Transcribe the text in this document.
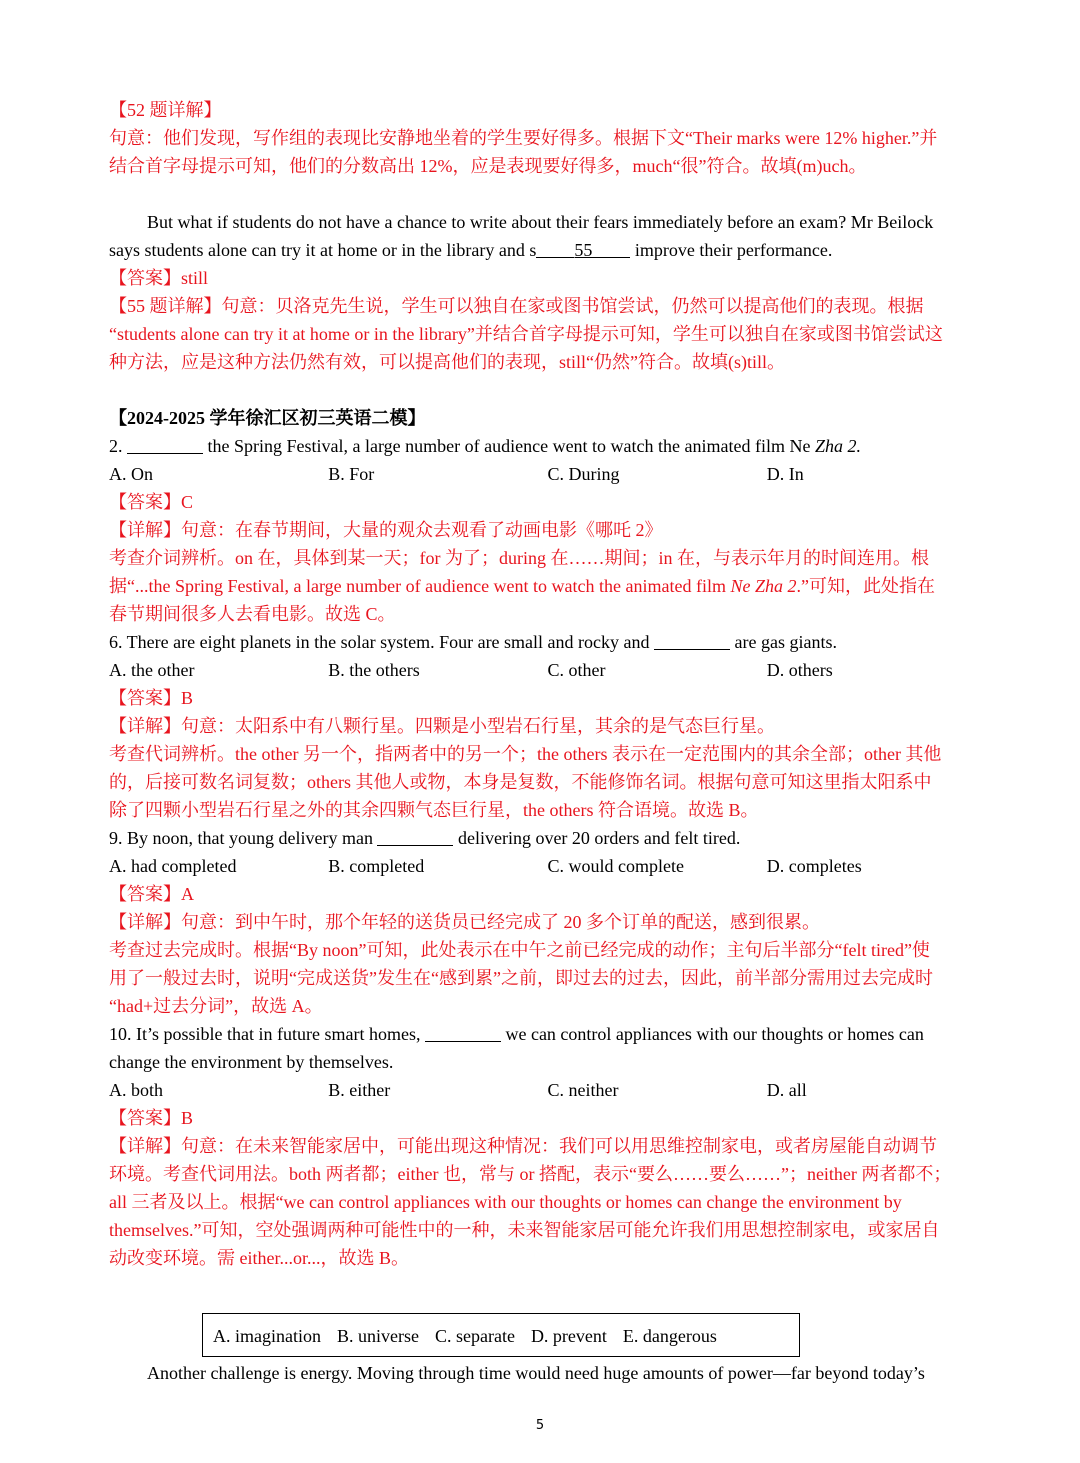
【52 题详解】

句意：他们发现，写作组的表现比安静地坐着的学生要好得多。根据下文“Their marks were 12% higher.”并

结合首字母提示可知，他们的分数高出 12%，应是表现要好得多，much“很”符合。故填(m)uch。

But what if students do not have a chance to write about their fears immediately before an exam? Mr Beilock

says students alone can try it at home or in the library and s 55 improve their performance.

【答案】still

【55 题详解】句意：贝洛克先生说，学生可以独自在家或图书馆尝试，仍然可以提高他们的表现。根据

“students alone can try it at home or in the library”并结合首字母提示可知，学生可以独自在家或图书馆尝试这

种方法，应是这种方法仍然有效，可以提高他们的表现，still“仍然”符合。故填(s)till。

【2024-2025 学年徐汇区初三英语二模】

2.	the Spring Festival, a large number of audience went to watch the animated film Ne Zha 2.

A. On	B. For	C. During	D. In

【答案】C

【详解】句意：在春节期间，大量的观众去观看了动画电影《哪吒 2》

考查介词辨析。on 在，具体到某一天；for 为了；during 在……期间；in 在，与表示年月的时间连用。根

据“...the Spring Festival, a large number of audience went to watch the animated film Ne Zha 2.”可知，此处指在

春节期间很多人去看电影。故选 C。

6. There are eight planets in the solar system. Four are small and rocky and	are gas giants.

A. the other	B. the others	C. other	D. others

【答案】B

【详解】句意：太阳系中有八颗行星。四颗是小型岩石行星，其余的是气态巨行星。

考查代词辨析。the other 另一个，指两者中的另一个；the others 表示在一定范围内的其余全部；other 其他

的，后接可数名词复数；others 其他人或物，本身是复数，不能修饰名词。根据句意可知这里指太阳系中

除了四颗小型岩石行星之外的其余四颗气态巨行星，the others 符合语境。故选 B。

9. By noon, that young delivery man	delivering over 20 orders and felt tired.

A. had completed	B. completed	C. would complete	D. completes

【答案】A

【详解】句意：到中午时，那个年轻的送货员已经完成了 20 多个订单的配送，感到很累。

考查过去完成时。根据“By noon”可知，此处表示在中午之前已经完成的动作；主句后半部分“felt tired”使

用了一般过去时，说明“完成送货”发生在“感到累”之前，即过去的过去，因此，前半部分需用过去完成时

“had+过去分词”，故选 A。

10. It’s possible that in future smart homes,	we can control appliances with our thoughts or homes can

change the environment by themselves.

A. both	B. either	C. neither	D. all

【答案】B

【详解】句意：在未来智能家居中，可能出现这种情况：我们可以用思维控制家电，或者房屋能自动调节

环境。考查代词用法。both 两者都；either 也，常与 or 搭配，表示“要么……要么……”；neither 两者都不；

all 三者及以上。根据“we can control appliances with our thoughts or homes can change the environment by

themselves.”可知，空处强调两种可能性中的一种，未来智能家居可能允许我们用思想控制家电，或家居自

动改变环境。需 either...or...，故选 B。

A. imagination B. universe C. separate D. prevent E. dangerous

Another challenge is energy. Moving through time would need huge amounts of power—far beyond today’s

5
